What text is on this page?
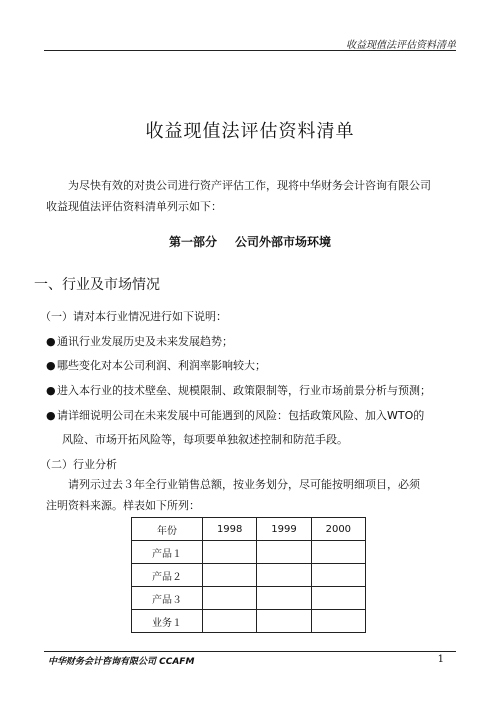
收益现值法评估资料清单
收益现值法评估资料清单
为尽快有效的对贵公司进行资产评估工作，现将中华财务会计咨询有限公司
收益现值法评估资料清单列示如下：
第一部分 公司外部市场环境
一、行业及市场情况
（一）请对本行业情况进行如下说明：
●通讯行业发展历史及未来发展趋势；
●哪些变化对本公司利润、利润率影响较大；
●进入本行业的技术壁垒、规模限制、政策限制等，行业市场前景分析与预测；
●请详细说明公司在未来发展中可能遇到的风险：包括政策风险、加入WTO的
风险、市场开拓风险等，每项要单独叙述控制和防范手段。
（二）行业分析
请列示过去３年全行业销售总额，按业务划分，尽可能按明细项目，必须
注明资料来源。样表如下所列：
年份	1998	1999	2000
产品１			
产品２			
产品３			
业务１			
中华财务会计咨询有限公司 CCAFM	1
